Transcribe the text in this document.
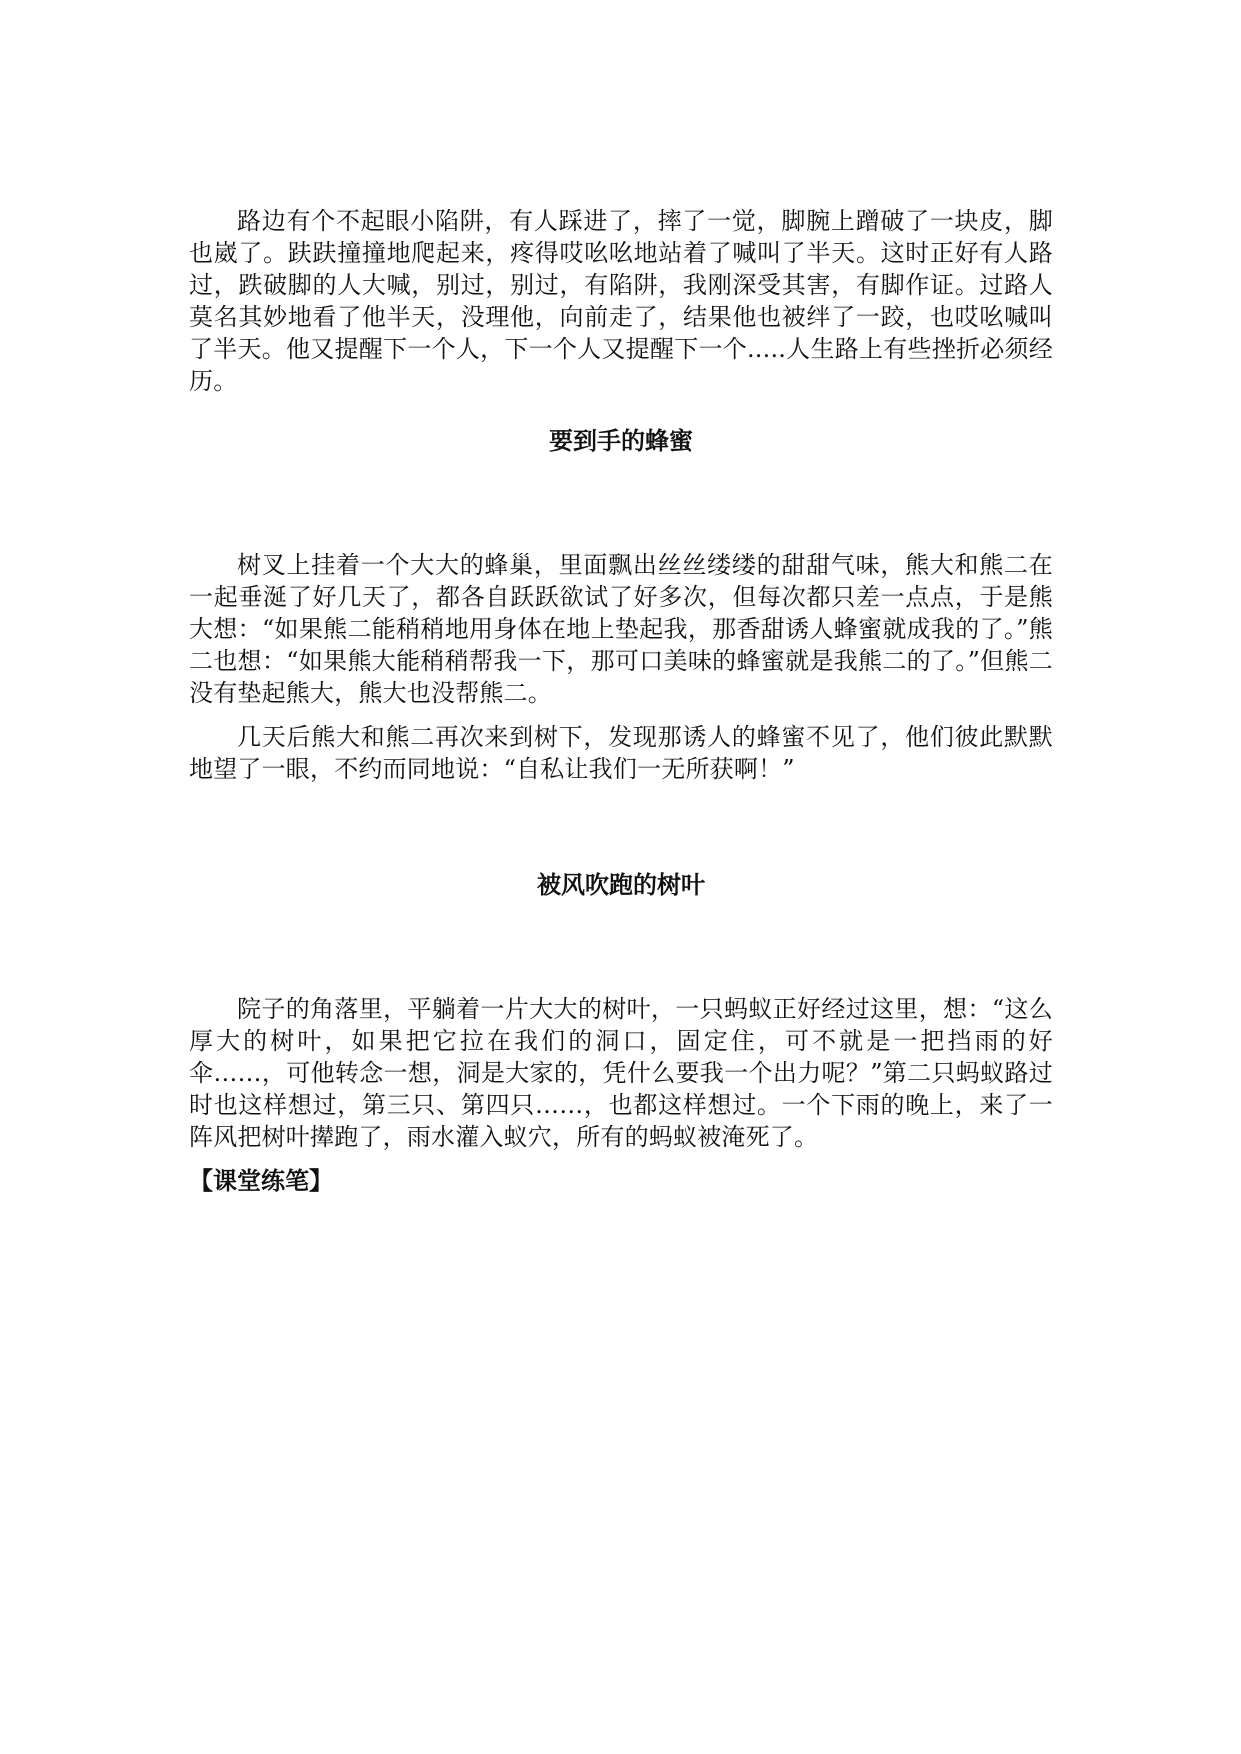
路边有个不起眼小陷阱，有人踩进了，摔了一觉，脚腕上蹭破了一块皮，脚也崴了。趺趺撞撞地爬起来，疼得哎吆吆地站着了喊叫了半天。这时正好有人路过，跌破脚的人大喊，别过，别过，有陷阱，我刚深受其害，有脚作证。过路人莫名其妙地看了他半天，没理他，向前走了，结果他也被绊了一跤，也哎吆喊叫了半天。他又提醒下一个人，下一个人又提醒下一个.....人生路上有些挫折必须经历。

要到手的蜂蜜

树叉上挂着一个大大的蜂巢，里面飘出丝丝缕缕的甜甜气味，熊大和熊二在一起垂涎了好几天了，都各自跃跃欲试了好多次，但每次都只差一点点，于是熊大想：“如果熊二能稍稍地用身体在地上垫起我，那香甜诱人蜂蜜就成我的了。”熊二也想：“如果熊大能稍稍帮我一下，那可口美味的蜂蜜就是我熊二的了。”但熊二没有垫起熊大，熊大也没帮熊二。

几天后熊大和熊二再次来到树下，发现那诱人的蜂蜜不见了，他们彼此默默地望了一眼，不约而同地说：“自私让我们一无所获啊！”

被风吹跑的树叶

院子的角落里，平躺着一片大大的树叶，一只蚂蚁正好经过这里，想：“这么厚大的树叶，如果把它拉在我们的洞口，固定住，可不就是一把挡雨的好伞……，可他转念一想，洞是大家的，凭什么要我一个出力呢？”第二只蚂蚁路过时也这样想过，第三只、第四只……，也都这样想过。一个下雨的晚上，来了一阵风把树叶撵跑了，雨水灌入蚁穴，所有的蚂蚁被淹死了。

【课堂练笔】
